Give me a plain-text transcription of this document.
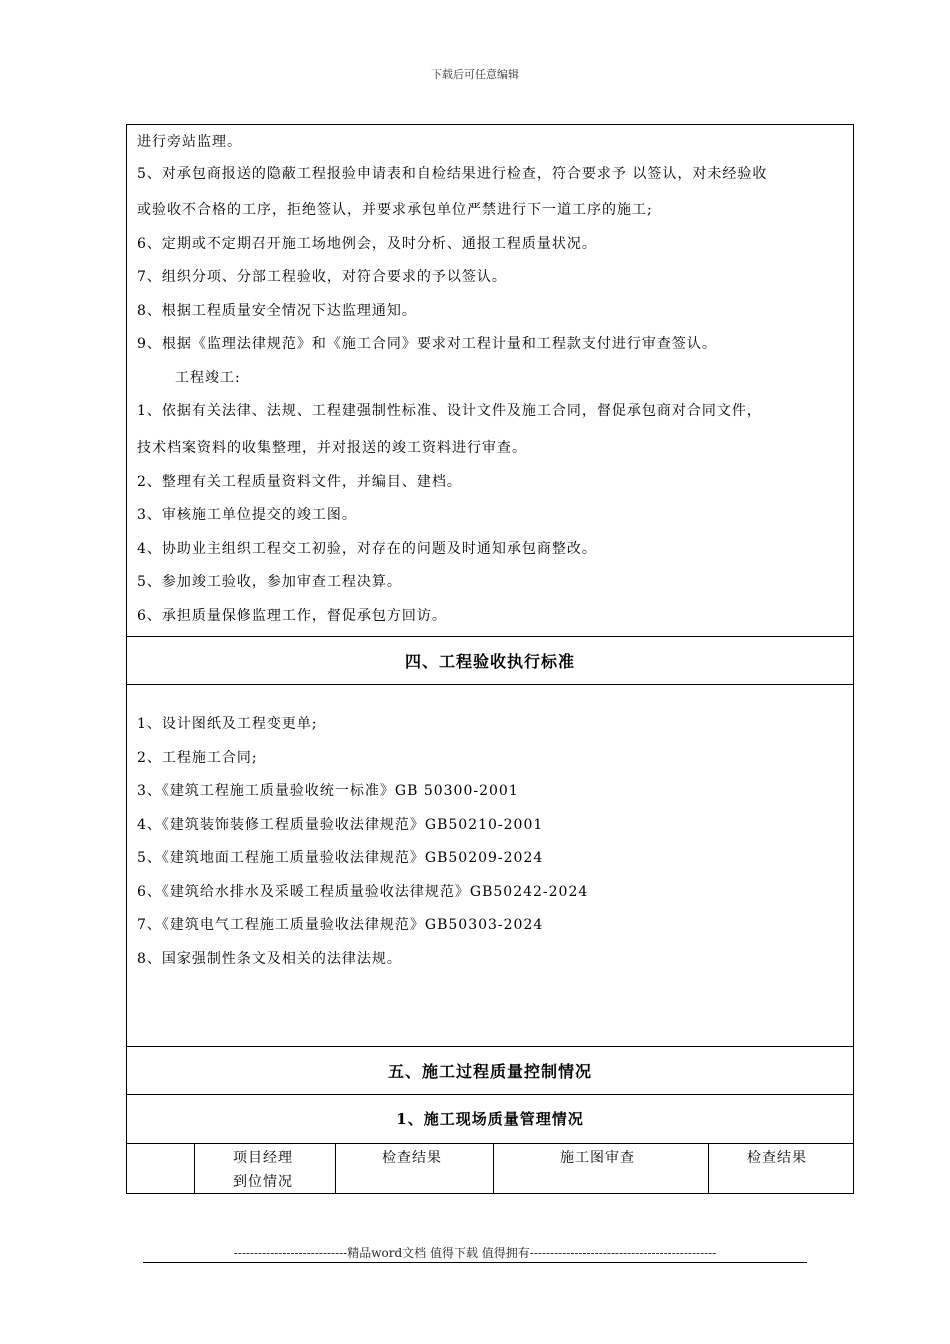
下载后可任意编辑
进行旁站监理。
5、对承包商报送的隐蔽工程报验申请表和自检结果进行检查，符合要求予 以签认，对未经验收
或验收不合格的工序，拒绝签认，并要求承包单位严禁进行下一道工序的施工;
6、定期或不定期召开施工场地例会，及时分析、通报工程质量状况。
7、组织分项、分部工程验收，对符合要求的予以签认。
8、根据工程质量安全情况下达监理通知。
9、根据《监理法律规范》和《施工合同》要求对工程计量和工程款支付进行审查签认。
工程竣工:
1、依据有关法律、法规、工程建强制性标准、设计文件及施工合同，督促承包商对合同文件，
技术档案资料的收集整理，并对报送的竣工资料进行审查。
2、整理有关工程质量资料文件，并编目、建档。
3、审核施工单位提交的竣工图。
4、协助业主组织工程交工初验，对存在的问题及时通知承包商整改。
5、参加竣工验收，参加审查工程决算。
6、承担质量保修监理工作，督促承包方回访。
四、工程验收执行标准
1、设计图纸及工程变更单;
2、工程施工合同;
3、《建筑工程施工质量验收统一标准》GB 50300-2001
4、《建筑装饰装修工程质量验收法律规范》GB50210-2001
5、《建筑地面工程施工质量验收法律规范》GB50209-2024
6、《建筑给水排水及采暖工程质量验收法律规范》GB50242-2024
7、《建筑电气工程施工质量验收法律规范》GB50303-2024
8、国家强制性条文及相关的法律法规。
五、施工过程质量控制情况
1、施工现场质量管理情况
项目经理
到位情况
检查结果	施工图审查	检查结果
----------------------------精品word文档 值得下载 值得拥有----------------------------------------------
